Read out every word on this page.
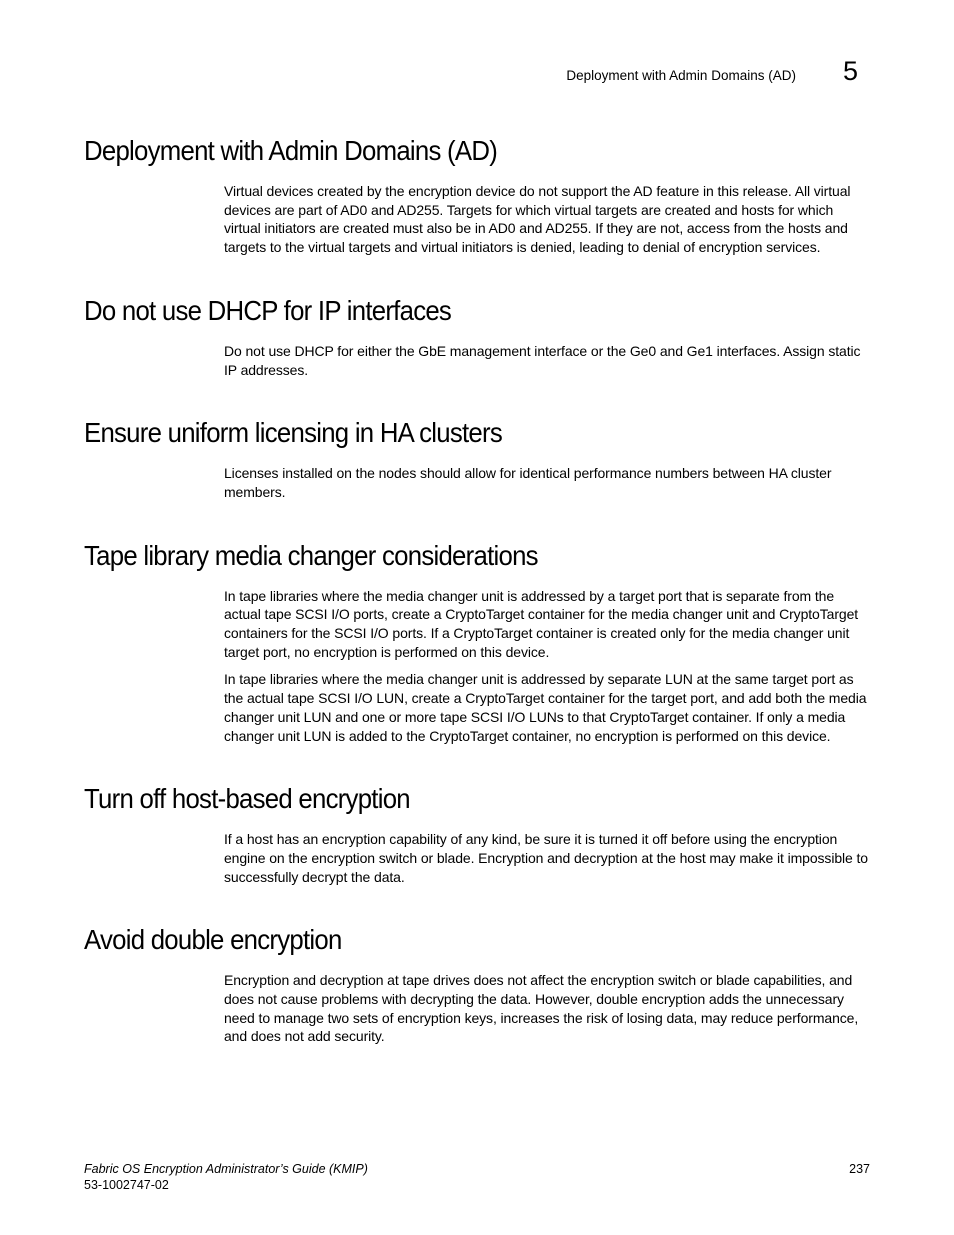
Deployment with Admin Domains (AD) 5
Deployment with Admin Domains (AD)

Virtual devices created by the encryption device do not support the AD feature in this release. All virtual devices are part of AD0 and AD255. Targets for which virtual targets are created and hosts for which virtual initiators are created must also be in AD0 and AD255. If they are not, access from the hosts and targets to the virtual targets and virtual initiators is denied, leading to denial of encryption services.

Do not use DHCP for IP interfaces

Do not use DHCP for either the GbE management interface or the Ge0 and Ge1 interfaces. Assign static IP addresses.

Ensure uniform licensing in HA clusters

Licenses installed on the nodes should allow for identical performance numbers between HA cluster members.

Tape library media changer considerations

In tape libraries where the media changer unit is addressed by a target port that is separate from the actual tape SCSI I/O ports, create a CryptoTarget container for the media changer unit and CryptoTarget containers for the SCSI I/O ports. If a CryptoTarget container is created only for the media changer unit target port, no encryption is performed on this device.

In tape libraries where the media changer unit is addressed by separate LUN at the same target port as the actual tape SCSI I/O LUN, create a CryptoTarget container for the target port, and add both the media changer unit LUN and one or more tape SCSI I/O LUNs to that CryptoTarget container. If only a media changer unit LUN is added to the CryptoTarget container, no encryption is performed on this device.

Turn off host-based encryption

If a host has an encryption capability of any kind, be sure it is turned it off before using the encryption engine on the encryption switch or blade. Encryption and decryption at the host may make it impossible to successfully decrypt the data.

Avoid double encryption

Encryption and decryption at tape drives does not affect the encryption switch or blade capabilities, and does not cause problems with decrypting the data. However, double encryption adds the unnecessary need to manage two sets of encryption keys, increases the risk of losing data, may reduce performance, and does not add security.

Fabric OS Encryption Administrator’s Guide (KMIP)
53-1002747-02
237
